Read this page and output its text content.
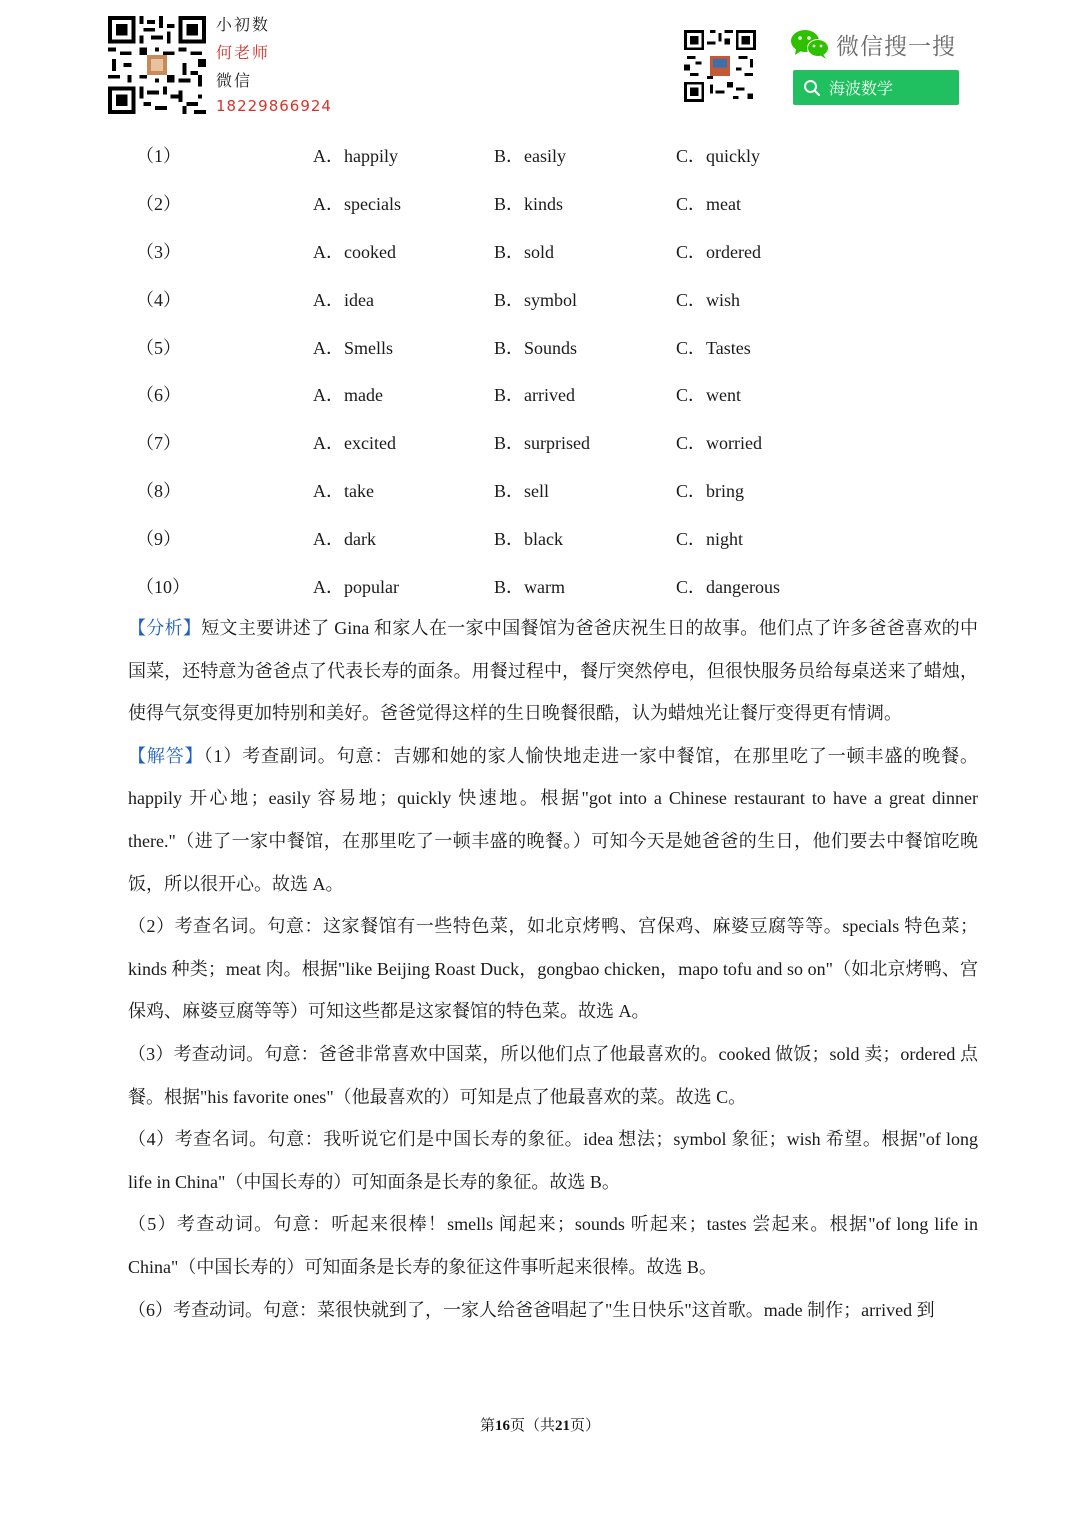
小初数
何老师
微信
18229866924
微信搜一搜
海波数学
（1）	A．happily	B．easily	C．quickly
（2）	A．specials	B．kinds	C．meat
（3）	A．cooked	B．sold	C．ordered
（4）	A．idea	B．symbol	C．wish
（5）	A．Smells	B．Sounds	C．Tastes
（6）	A．made	B．arrived	C．went
（7）	A．excited	B．surprised	C．worried
（8）	A．take	B．sell	C．bring
（9）	A．dark	B．black	C．night
（10）	A．popular	B．warm	C．dangerous

【分析】短文主要讲述了 Gina 和家人在一家中国餐馆为爸爸庆祝生日的故事。他们点了许多爸爸喜欢的中国菜，还特意为爸爸点了代表长寿的面条。用餐过程中，餐厅突然停电，但很快服务员给每桌送来了蜡烛，使得气氛变得更加特别和美好。爸爸觉得这样的生日晚餐很酷，认为蜡烛光让餐厅变得更有情调。

【解答】（1）考查副词。句意：吉娜和她的家人愉快地走进一家中餐馆，在那里吃了一顿丰盛的晚餐。happily 开心地；easily 容易地；quickly 快速地。根据"got into a Chinese restaurant to have a great dinner there."（进了一家中餐馆，在那里吃了一顿丰盛的晚餐。）可知今天是她爸爸的生日，他们要去中餐馆吃晚饭，所以很开心。故选 A。

（2）考查名词。句意：这家餐馆有一些特色菜，如北京烤鸭、宫保鸡、麻婆豆腐等等。specials 特色菜；kinds 种类；meat 肉。根据"like Beijing Roast Duck，gongbao chicken，mapo tofu and so on"（如北京烤鸭、宫保鸡、麻婆豆腐等等）可知这些都是这家餐馆的特色菜。故选 A。

（3）考查动词。句意：爸爸非常喜欢中国菜，所以他们点了他最喜欢的。cooked 做饭；sold 卖；ordered 点餐。根据"his favorite ones"（他最喜欢的）可知是点了他最喜欢的菜。故选 C。

（4）考查名词。句意：我听说它们是中国长寿的象征。idea 想法；symbol 象征；wish 希望。根据"of long life in China"（中国长寿的）可知面条是长寿的象征。故选 B。

（5）考查动词。句意：听起来很棒！smells 闻起来；sounds 听起来；tastes 尝起来。根据"of long life in China"（中国长寿的）可知面条是长寿的象征这件事听起来很棒。故选 B。

（6）考查动词。句意：菜很快就到了，一家人给爸爸唱起了"生日快乐"这首歌。made 制作；arrived 到

第16页（共21页）
